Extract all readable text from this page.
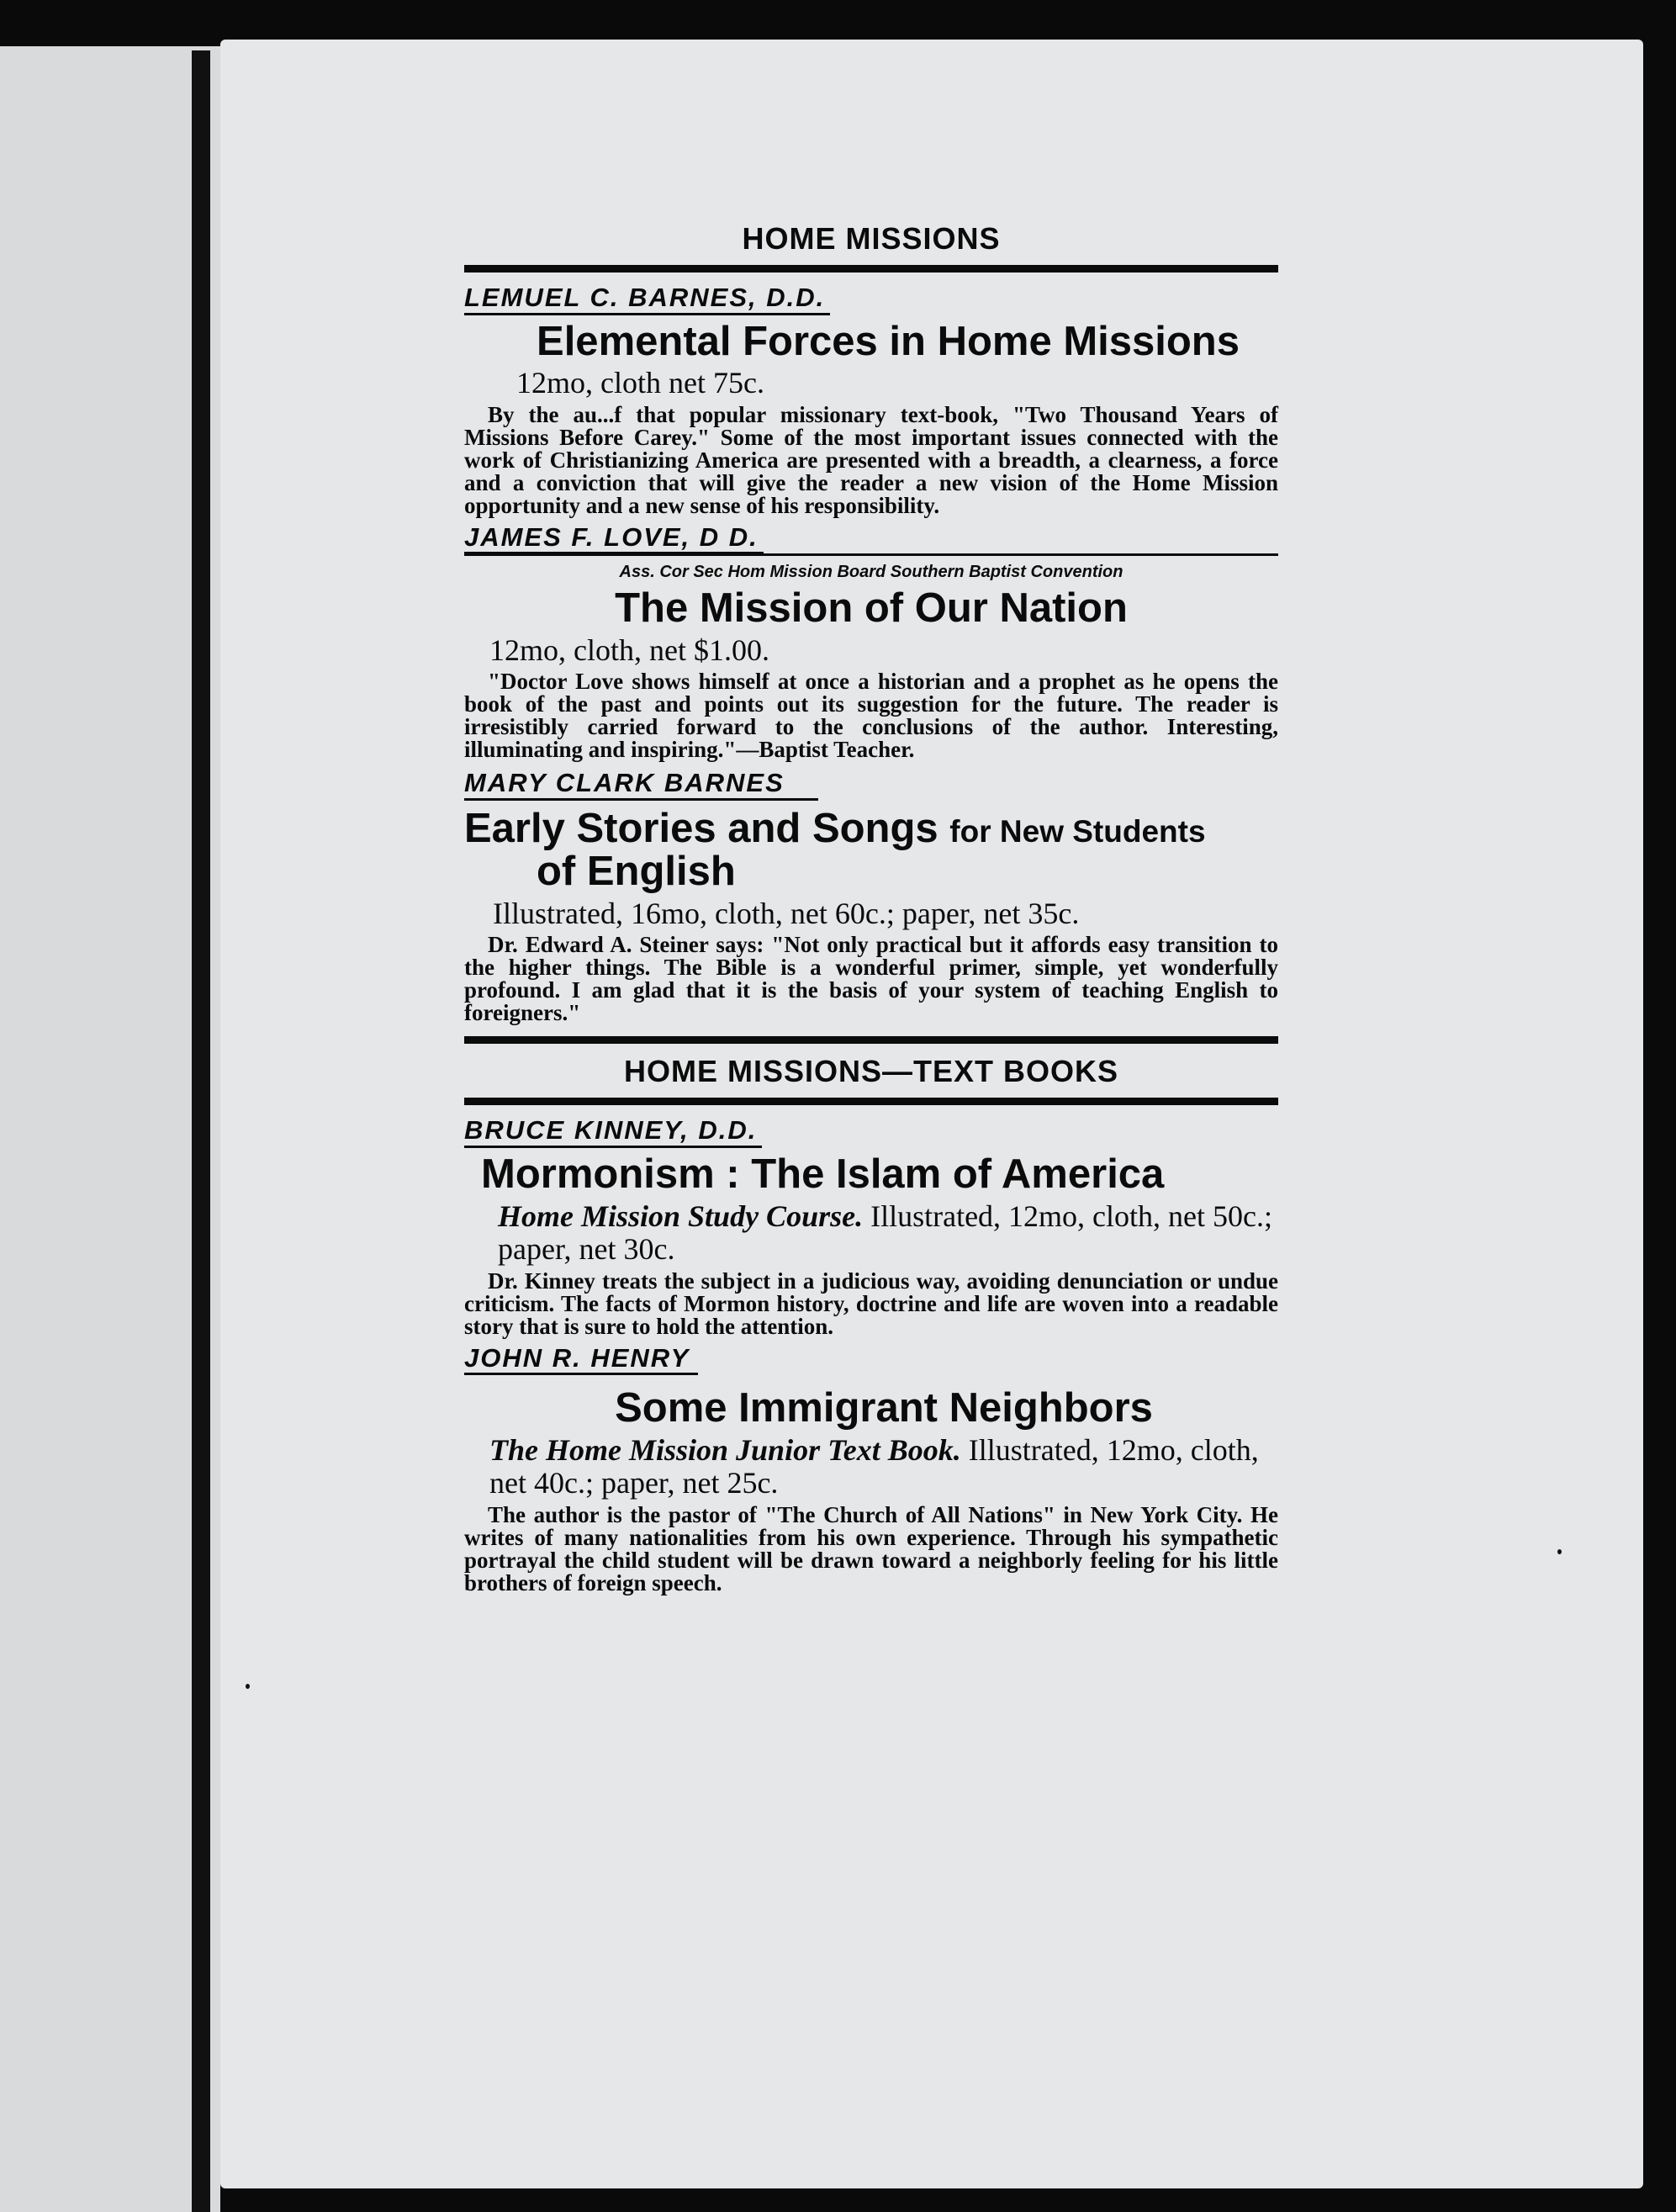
HOME MISSIONS
LEMUEL C. BARNES, D.D.
Elemental Forces in Home Missions
12mo, cloth net 75c.

By the au...f that popular missionary text-book, "Two Thousand Years of Missions Before Carey." Some of the most important issues connected with the work of Christianizing America are presented with a breadth, a clearness, a force and a conviction that will give the reader a new vision of the Home Mission opportunity and a new sense of his responsibility.

JAMES F. LOVE, D D.
Ass. Cor Sec Hom Mission Board Southern Baptist Convention
The Mission of Our Nation
12mo, cloth, net $1.00.

"Doctor Love shows himself at once a historian and a prophet as he opens the book of the past and points out its suggestion for the future. The reader is irresistibly carried forward to the conclusions of the author. Interesting, illuminating and inspiring."—Baptist Teacher.

MARY CLARK BARNES
Early Stories and Songs for New Students
of English
Illustrated, 16mo, cloth, net 60c.; paper, net 35c.

Dr. Edward A. Steiner says: "Not only practical but it affords easy transition to the higher things. The Bible is a wonderful primer, simple, yet wonderfully profound. I am glad that it is the basis of your system of teaching English to foreigners."

HOME MISSIONS—TEXT BOOKS
BRUCE KINNEY, D.D.
Mormonism : The Islam of America
Home Mission Study Course. Illustrated, 12mo, cloth, net 50c.; paper, net 30c.

Dr. Kinney treats the subject in a judicious way, avoiding denunciation or undue criticism. The facts of Mormon history, doctrine and life are woven into a readable story that is sure to hold the attention.

JOHN R. HENRY
Some Immigrant Neighbors
The Home Mission Junior Text Book. Illustrated, 12mo, cloth, net 40c.; paper, net 25c.

The author is the pastor of "The Church of All Nations" in New York City. He writes of many nationalities from his own experience. Through his sympathetic portrayal the child student will be drawn toward a neighborly feeling for his little brothers of foreign speech.
